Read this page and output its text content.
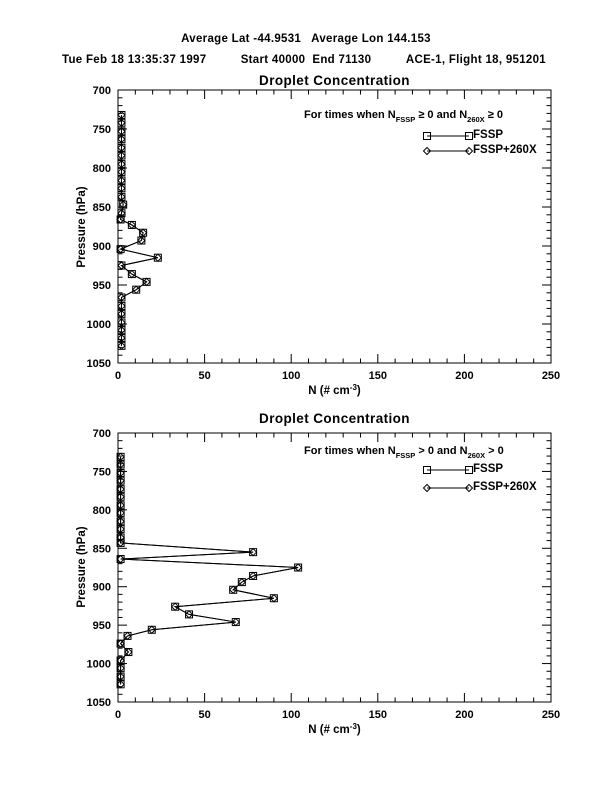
Average Lat -44.9531   Average Lon 144.153
Tue Feb 18 13:35:37 1997	Start 40000  End 71130	ACE-1, Flight 18, 951201
0	50	100	150	200	250
700
750
800
850
900
950
1000
1050
Droplet Concentration
Pressure (hPa)
N (# $cm^{-3}$)
For times when $N_{FSSP} \ge 0$ and $N_{260X} \ge 0$
FSSP
FSSP+260X
0	50	100	150	200	250
700
750
800
850
900
950
1000
1050
Droplet Concentration
Pressure (hPa)
N (# $cm^{-3}$)
For times when $N_{FSSP} > 0$ and $N_{260X} > 0$
FSSP
FSSP+260X
